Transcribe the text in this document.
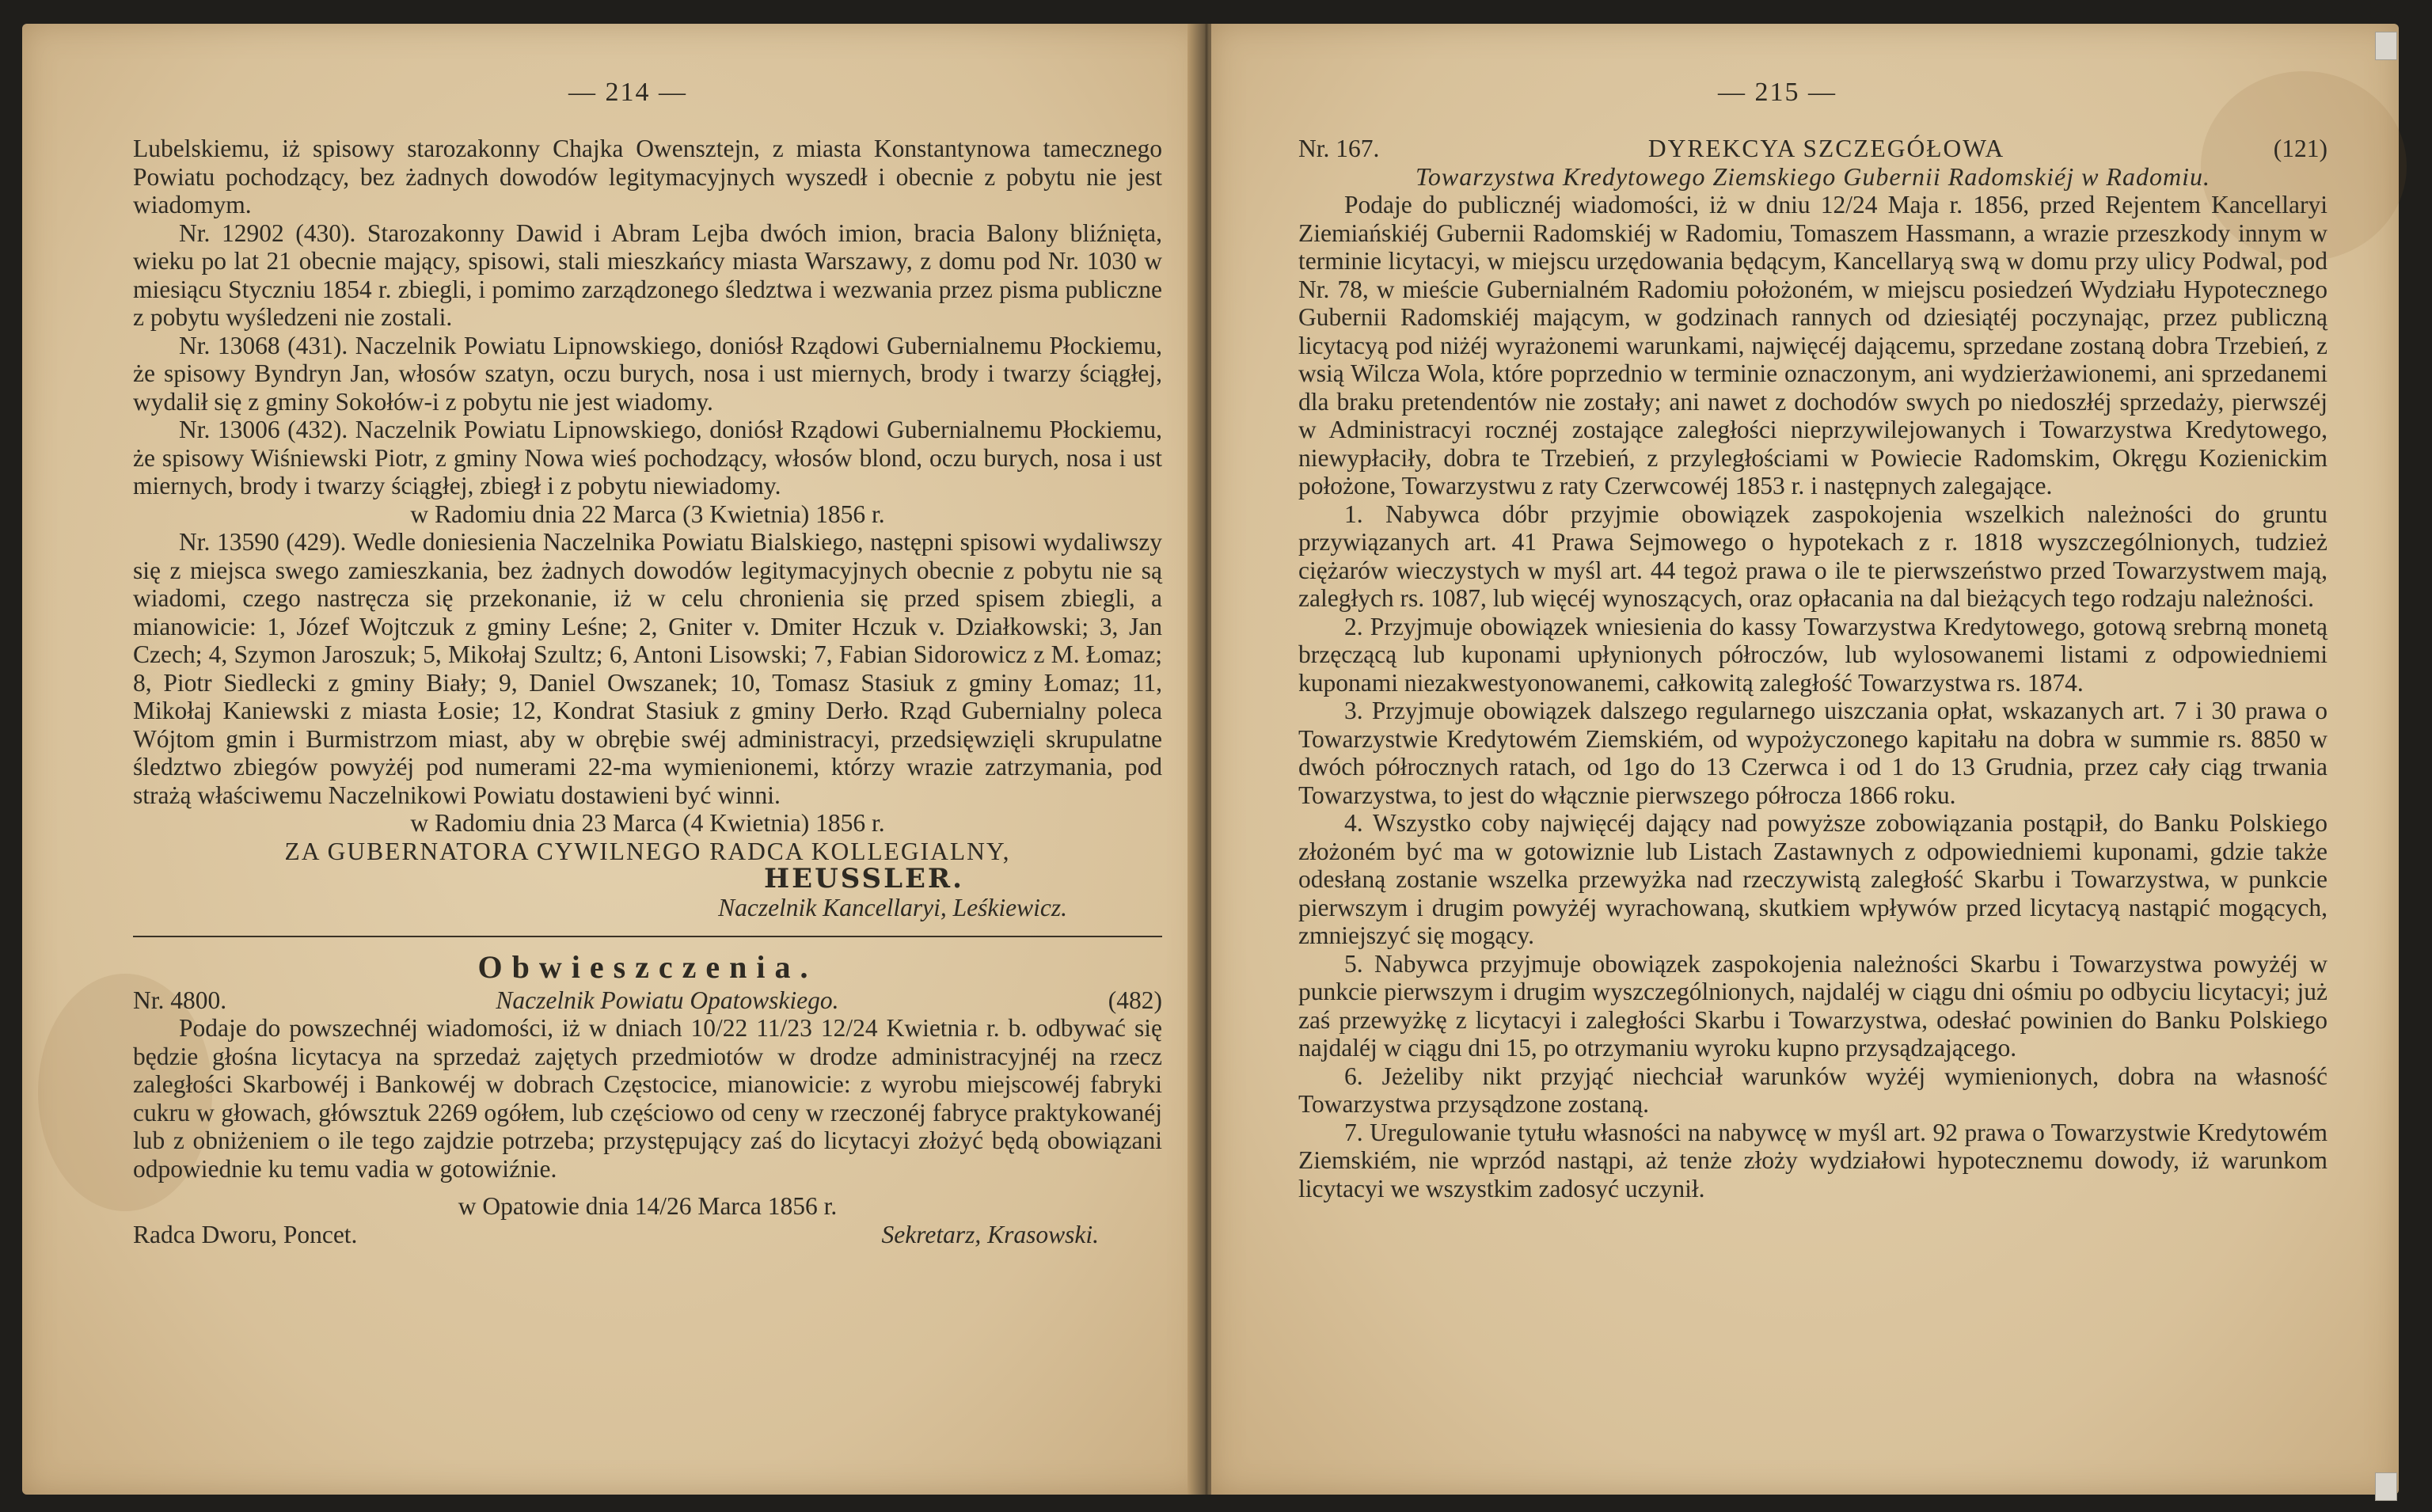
— 214 —

Lubelskiemu, iż spisowy starozakonny Chajka Owensztejn, z miasta Konstantynowa tamecznego Powiatu pochodzący, bez żadnych dowodów legitymacyjnych wyszedł i obecnie z pobytu nie jest wiadomym.

Nr. 12902 (430). Starozakonny Dawid i Abram Lejba dwóch imion, bracia Balony bliźnięta, wieku po lat 21 obecnie mający, spisowi, stali mieszkańcy miasta Warszawy, z domu pod Nr. 1030 w miesiącu Styczniu 1854 r. zbiegli, i pomimo zarządzonego śledztwa i wezwania przez pisma publiczne z pobytu wyśledzeni nie zostali.

Nr. 13068 (431). Naczelnik Powiatu Lipnowskiego, doniósł Rządowi Gubernialnemu Płockiemu, że spisowy Byndryn Jan, włosów szatyn, oczu burych, nosa i ust miernych, brody i twarzy ściągłej, wydalił się z gminy Sokołów-i z pobytu nie jest wiadomy.

Nr. 13006 (432). Naczelnik Powiatu Lipnowskiego, doniósł Rządowi Gubernialnemu Płockiemu, że spisowy Wiśniewski Piotr, z gminy Nowa wieś pochodzący, włosów blond, oczu burych, nosa i ust miernych, brody i twarzy ściągłej, zbiegł i z pobytu niewiadomy.

w Radomiu dnia 22 Marca (3 Kwietnia) 1856 r.

Nr. 13590 (429). Wedle doniesienia Naczelnika Powiatu Bialskiego, następni spisowi wydaliwszy się z miejsca swego zamieszkania, bez żadnych dowodów legitymacyjnych obecnie z pobytu nie są wiadomi, czego nastręcza się przekonanie, iż w celu chronienia się przed spisem zbiegli, a mianowicie: 1, Józef Wojtczuk z gminy Leśne; 2, Gniter v. Dmiter Hczuk v. Działkowski; 3, Jan Czech; 4, Szymon Jaroszuk; 5, Mikołaj Szultz; 6, Antoni Lisowski; 7, Fabian Sidorowicz z M. Łomaz; 8, Piotr Siedlecki z gminy Biały; 9, Daniel Owszanek; 10, Tomasz Stasiuk z gminy Łomaz; 11, Mikołaj Kaniewski z miasta Łosie; 12, Kondrat Stasiuk z gminy Derło. Rząd Gubernialny poleca Wójtom gmin i Burmistrzom miast, aby w obrębie swéj administracyi, przedsięwzięli skrupulatne śledztwo zbiegów powyżéj pod numerami 22-ma wymienionemi, którzy wrazie zatrzymania, pod strażą właściwemu Naczelnikowi Powiatu dostawieni być winni.

w Radomiu dnia 23 Marca (4 Kwietnia) 1856 r.

ZA GUBERNATORA CYWILNEGO RADCA KOLLEGIALNY,

HEUSSLER.

Naczelnik Kancellaryi, Leśkiewicz.

Obwieszczenia.

Nr. 4800.	Naczelnik Powiatu Opatowskiego.	(482)

Podaje do powszechnéj wiadomości, iż w dniach 10/22 11/23 12/24 Kwietnia r. b. odbywać się będzie głośna licytacya na sprzedaż zajętych przedmiotów w drodze administracyjnéj na rzecz zaległości Skarbowéj i Bankowéj w dobrach Częstocice, mianowicie: z wyrobu miejscowéj fabryki cukru w głowach, główsztuk 2269 ogółem, lub częściowo od ceny w rzeczonéj fabryce praktykowanéj lub z obniżeniem o ile tego zajdzie potrzeba; przystępujący zaś do licytacyi złożyć będą obowiązani odpowiednie ku temu vadia w gotowiźnie.

w Opatowie dnia 14/26 Marca 1856 r.

Radca Dworu, Poncet.	Sekretarz, Krasowski.
— 215 —
Nr. 167.	DYREKCYA SZCZEGÓŁOWA	(121)

Towarzystwa Kredytowego Ziemskiego Gubernii Radomskiéj w Radomiu.

Podaje do publicznéj wiadomości, iż w dniu 12/24 Maja r. 1856, przed Rejentem Kancellaryi Ziemiańskiéj Gubernii Radomskiéj w Radomiu, Tomaszem Hassmann, a wrazie przeszkody innym w terminie licytacyi, w miejscu urzędowania będącym, Kancellaryą swą w domu przy ulicy Podwal, pod Nr. 78, w mieście Gubernialném Radomiu położoném, w miejscu posiedzeń Wydziału Hypotecznego Gubernii Radomskiéj mającym, w godzinach rannych od dziesiątéj poczynając, przez publiczną licytacyą pod niżéj wyrażonemi warunkami, najwięcéj dającemu, sprzedane zostaną dobra Trzebień, z wsią Wilcza Wola, które poprzednio w terminie oznaczonym, ani wydzierżawionemi, ani sprzedanemi dla braku pretendentów nie zostały; ani nawet z dochodów swych po niedoszłéj sprzedaży, pierwszéj w Administracyi rocznéj zostające zaległości nieprzywilejowanych i Towarzystwa Kredytowego, niewypłaciły, dobra te Trzebień, z przyległościami w Powiecie Radomskim, Okręgu Kozienickim położone, Towarzystwu z raty Czerwcowéj 1853 r. i następnych zalegające.

1. Nabywca dóbr przyjmie obowiązek zaspokojenia wszelkich należności do gruntu przywiązanych art. 41 Prawa Sejmowego o hypotekach z r. 1818 wyszczególnionych, tudzież ciężarów wieczystych w myśl art. 44 tegoż prawa o ile te pierwszeństwo przed Towarzystwem mają, zaległych rs. 1087, lub więcéj wynoszących, oraz opłacania na dal bieżących tego rodzaju należności.

2. Przyjmuje obowiązek wniesienia do kassy Towarzystwa Kredytowego, gotową srebrną monetą brzęczącą lub kuponami upłynionych półroczów, lub wylosowanemi listami z odpowiedniemi kuponami niezakwestyonowanemi, całkowitą zaległość Towarzystwa rs. 1874.

3. Przyjmuje obowiązek dalszego regularnego uiszczania opłat, wskazanych art. 7 i 30 prawa o Towarzystwie Kredytowém Ziemskiém, od wypożyczonego kapitału na dobra w summie rs. 8850 w dwóch półrocznych ratach, od 1go do 13 Czerwca i od 1 do 13 Grudnia, przez cały ciąg trwania Towarzystwa, to jest do włącznie pierwszego półrocza 1866 roku.

4. Wszystko coby najwięcéj dający nad powyższe zobowiązania postąpił, do Banku Polskiego złożoném być ma w gotowiznie lub Listach Zastawnych z odpowiedniemi kuponami, gdzie także odesłaną zostanie wszelka przewyżka nad rzeczywistą zaległość Skarbu i Towarzystwa, w punkcie pierwszym i drugim powyżéj wyrachowaną, skutkiem wpływów przed licytacyą nastąpić mogących, zmniejszyć się mogący.

5. Nabywca przyjmuje obowiązek zaspokojenia należności Skarbu i Towarzystwa powyżéj w punkcie pierwszym i drugim wyszczególnionych, najdaléj w ciągu dni ośmiu po odbyciu licytacyi; już zaś przewyżkę z licytacyi i zaległości Skarbu i Towarzystwa, odesłać powinien do Banku Polskiego najdaléj w ciągu dni 15, po otrzymaniu wyroku kupno przysądzającego.

6. Jeżeliby nikt przyjąć niechciał warunków wyżéj wymienionych, dobra na własność Towarzystwa przysądzone zostaną.

7. Uregulowanie tytułu własności na nabywcę w myśl art. 92 prawa o Towarzystwie Kredytowém Ziemskiém, nie wprzód nastąpi, aż tenże złoży wydziałowi hypotecznemu dowody, iż warunkom licytacyi we wszystkim zadosyć uczynił.
